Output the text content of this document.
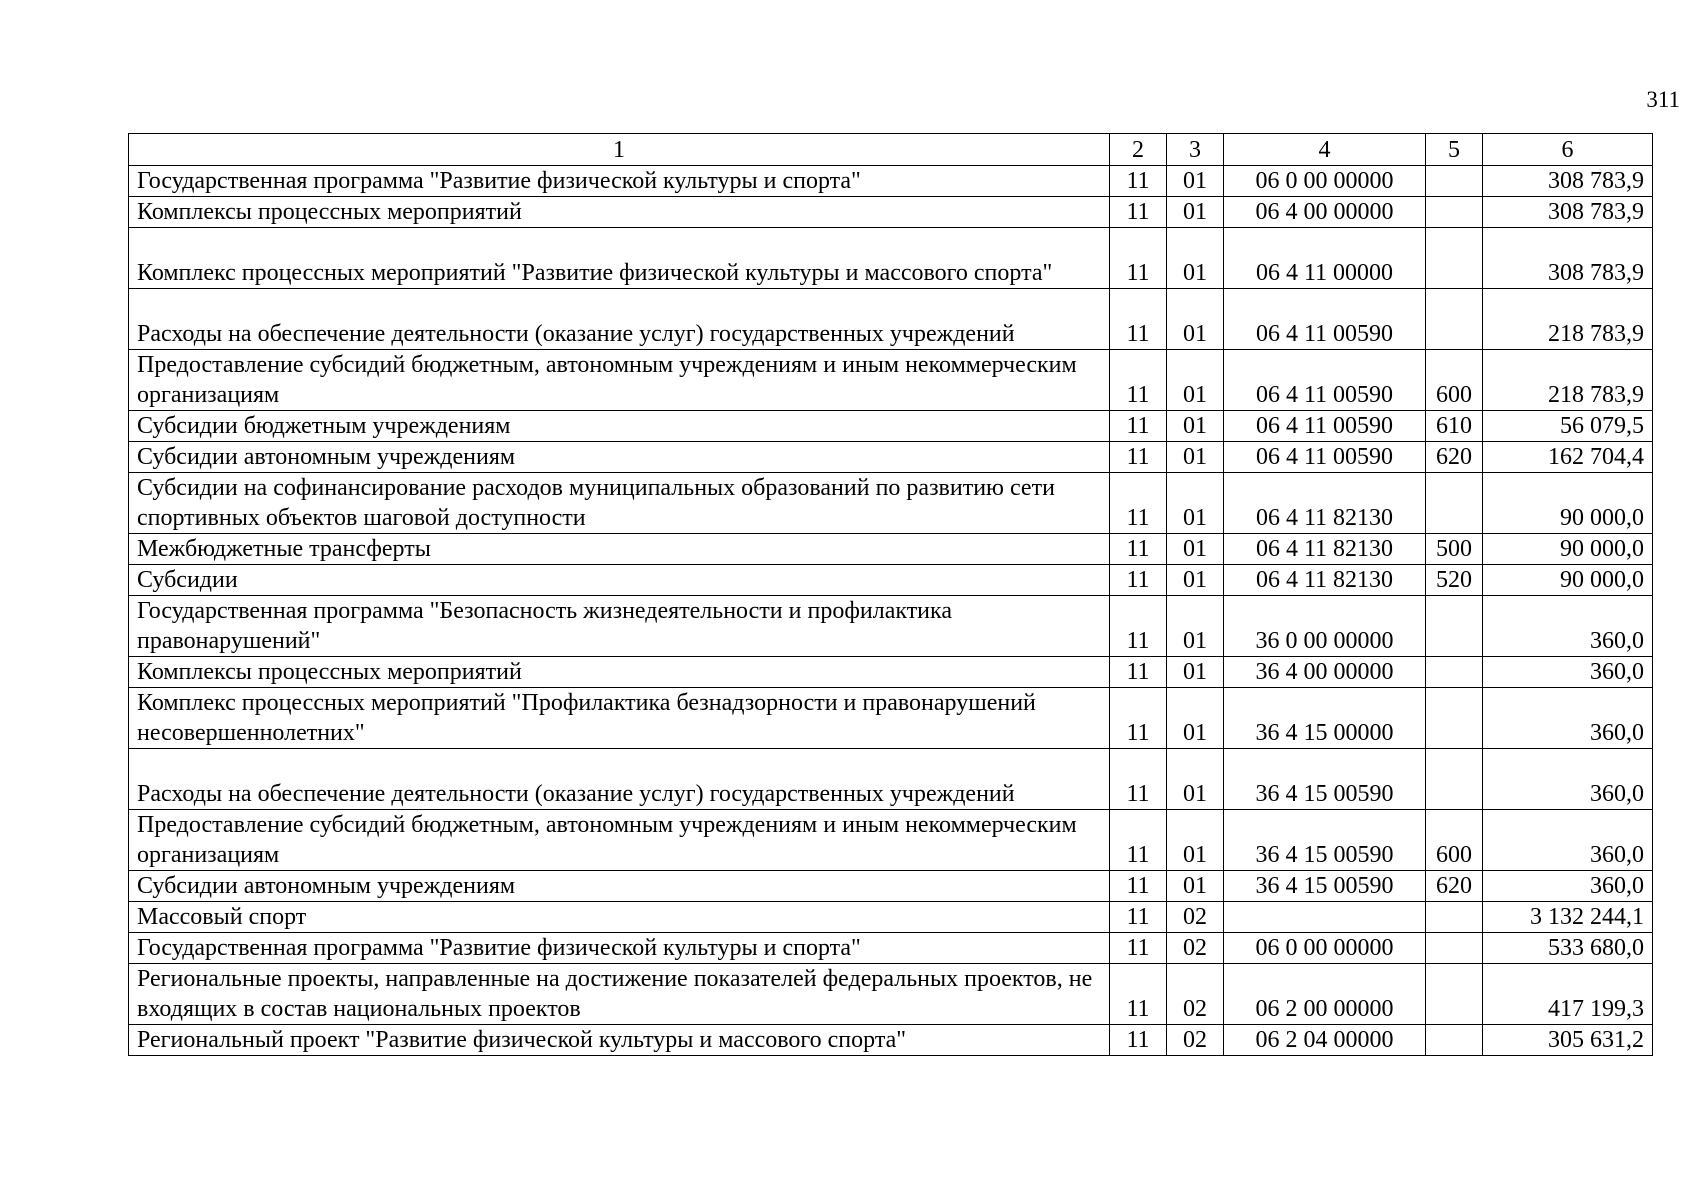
311
1	2	3	4	5	6
Государственная программа "Развитие физической культуры и спорта"	11	01	06 0 00 00000		308 783,9
Комплексы процессных мероприятий	11	01	06 4 00 00000		308 783,9
Комплекс процессных мероприятий "Развитие физической культуры и массового спорта"	11	01	06 4 11 00000		308 783,9
Расходы на обеспечение деятельности (оказание услуг) государственных учреждений	11	01	06 4 11 00590		218 783,9
Предоставление субсидий бюджетным, автономным учреждениям и иным некоммерческим организациям	11	01	06 4 11 00590	600	218 783,9
Субсидии бюджетным учреждениям	11	01	06 4 11 00590	610	56 079,5
Субсидии автономным учреждениям	11	01	06 4 11 00590	620	162 704,4
Субсидии на софинансирование расходов муниципальных образований по развитию сети спортивных объектов шаговой доступности	11	01	06 4 11 82130		90 000,0
Межбюджетные трансферты	11	01	06 4 11 82130	500	90 000,0
Субсидии	11	01	06 4 11 82130	520	90 000,0
Государственная программа "Безопасность жизнедеятельности и профилактика правонарушений"	11	01	36 0 00 00000		360,0
Комплексы процессных мероприятий	11	01	36 4 00 00000		360,0
Комплекс процессных мероприятий "Профилактика безнадзорности и правонарушений несовершеннолетних"	11	01	36 4 15 00000		360,0
Расходы на обеспечение деятельности (оказание услуг) государственных учреждений	11	01	36 4 15 00590		360,0
Предоставление субсидий бюджетным, автономным учреждениям и иным некоммерческим организациям	11	01	36 4 15 00590	600	360,0
Субсидии автономным учреждениям	11	01	36 4 15 00590	620	360,0
Массовый спорт	11	02			3 132 244,1
Государственная программа "Развитие физической культуры и спорта"	11	02	06 0 00 00000		533 680,0
Региональные проекты, направленные на достижение показателей федеральных проектов, не входящих в состав национальных проектов	11	02	06 2 00 00000		417 199,3
Региональный проект "Развитие физической культуры и массового спорта"	11	02	06 2 04 00000		305 631,2
